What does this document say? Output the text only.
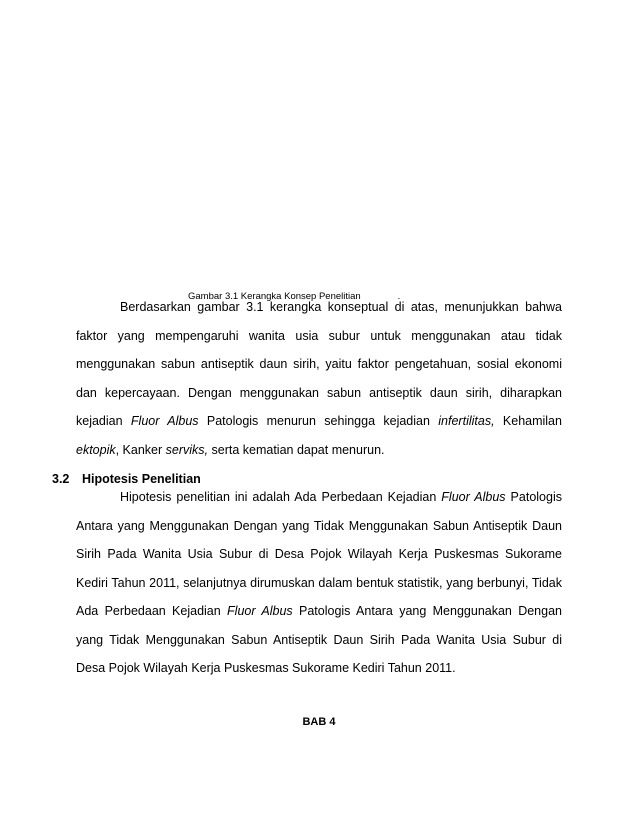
Gambar 3.1 Kerangka Konsep Penelitian              .

Berdasarkan gambar 3.1 kerangka konseptual di atas, menunjukkan bahwa faktor yang mempengaruhi wanita usia subur untuk menggunakan atau tidak menggunakan sabun antiseptik daun sirih, yaitu faktor pengetahuan, sosial ekonomi dan kepercayaan. Dengan menggunakan sabun antiseptik daun sirih, diharapkan kejadian Fluor Albus Patologis menurun sehingga kejadian infertilitas, Kehamilan ektopik, Kanker serviks, serta kematian dapat menurun.

3.2 Hipotesis Penelitian

Hipotesis penelitian ini adalah Ada Perbedaan Kejadian Fluor Albus Patologis Antara yang Menggunakan Dengan yang Tidak Menggunakan Sabun Antiseptik Daun Sirih Pada Wanita Usia Subur di Desa Pojok Wilayah Kerja Puskesmas Sukorame Kediri Tahun 2011, selanjutnya dirumuskan dalam bentuk statistik, yang berbunyi, Tidak Ada Perbedaan Kejadian Fluor Albus Patologis Antara yang Menggunakan Dengan yang Tidak Menggunakan Sabun Antiseptik Daun Sirih Pada Wanita Usia Subur di Desa Pojok Wilayah Kerja Puskesmas Sukorame Kediri Tahun 2011.

BAB 4
